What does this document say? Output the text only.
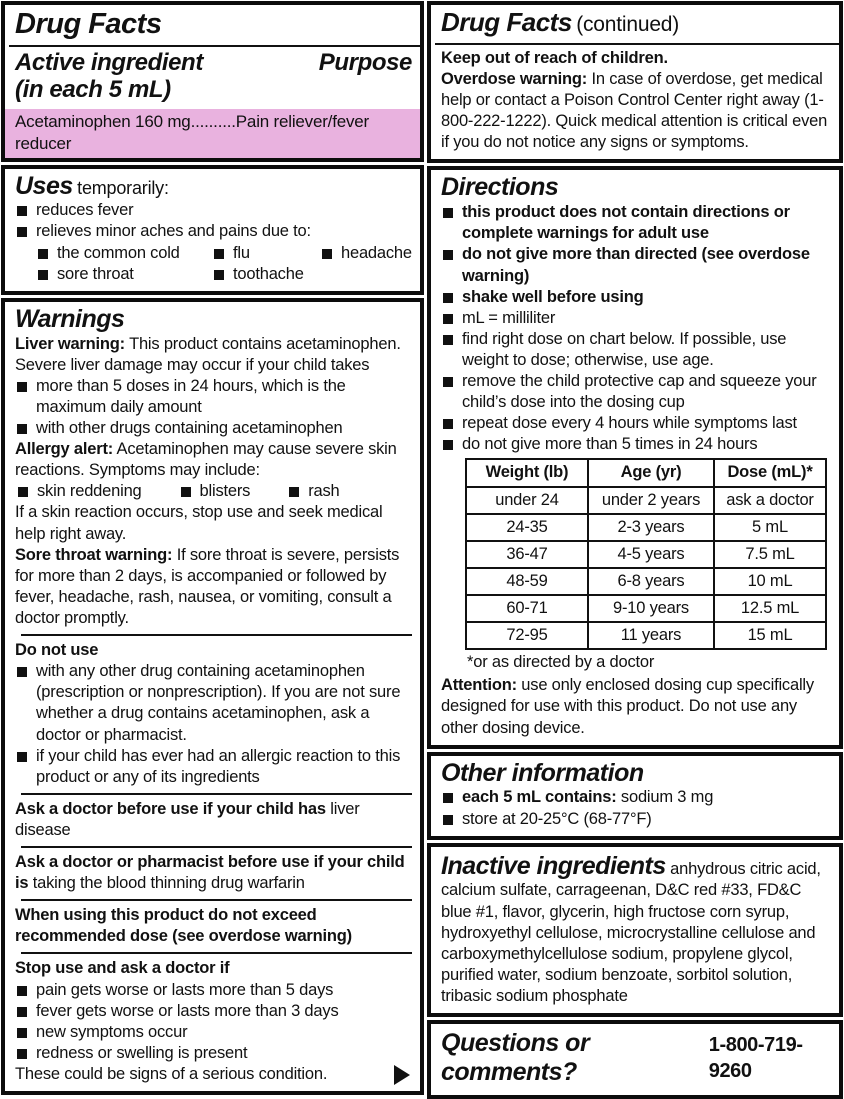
Drug Facts
Active ingredient	Purpose
(in each 5 mL)
Acetaminophen 160 mg..........Pain reliever/fever reducer
Uses temporarily:
reduces fever
relieves minor aches and pains due to:
the common cold	flu	headache
sore throat	toothache
Warnings
Liver warning: This product contains acetaminophen. Severe liver damage may occur if your child takes
more than 5 doses in 24 hours, which is the maximum daily amount
with other drugs containing acetaminophen
Allergy alert: Acetaminophen may cause severe skin reactions. Symptoms may include:
skin reddening	blisters	rash
If a skin reaction occurs, stop use and seek medical help right away.
Sore throat warning: If sore throat is severe, persists for more than 2 days, is accompanied or followed by fever, headache, rash, nausea, or vomiting, consult a doctor promptly.
Do not use
with any other drug containing acetaminophen (prescription or nonprescription). If you are not sure whether a drug contains acetaminophen, ask a doctor or pharmacist.
if your child has ever had an allergic reaction to this product or any of its ingredients
Ask a doctor before use if your child has liver disease
Ask a doctor or pharmacist before use if your child is taking the blood thinning drug warfarin
When using this product do not exceed recommended dose (see overdose warning)
Stop use and ask a doctor if
pain gets worse or lasts more than 5 days
fever gets worse or lasts more than 3 days
new symptoms occur
redness or swelling is present
These could be signs of a serious condition.
Drug Facts (continued)
Keep out of reach of children.
Overdose warning: In case of overdose, get medical help or contact a Poison Control Center right away (1-800-222-1222). Quick medical attention is critical even if you do not notice any signs or symptoms.
Directions
this product does not contain directions or complete warnings for adult use
do not give more than directed (see overdose warning)
shake well before using
mL = milliliter
find right dose on chart below. If possible, use weight to dose; otherwise, use age.
remove the child protective cap and squeeze your child’s dose into the dosing cup
repeat dose every 4 hours while symptoms last
do not give more than 5 times in 24 hours
Weight (lb)	Age (yr)	Dose (mL)*
under 24	under 2 years	ask a doctor
24-35	2-3 years	5 mL
36-47	4-5 years	7.5 mL
48-59	6-8 years	10 mL
60-71	9-10 years	12.5 mL
72-95	11 years	15 mL
*or as directed by a doctor
Attention: use only enclosed dosing cup specifically designed for use with this product. Do not use any other dosing device.
Other information
each 5 mL contains: sodium 3 mg
store at 20-25°C (68-77°F)
Inactive ingredients anhydrous citric acid, calcium sulfate, carrageenan, D&C red #33, FD&C blue #1, flavor, glycerin, high fructose corn syrup, hydroxyethyl cellulose, microcrystalline cellulose and carboxymethylcellulose sodium, propylene glycol, purified water, sodium benzoate, sorbitol solution, tribasic sodium phosphate
Questions or comments?
1-800-719-9260
